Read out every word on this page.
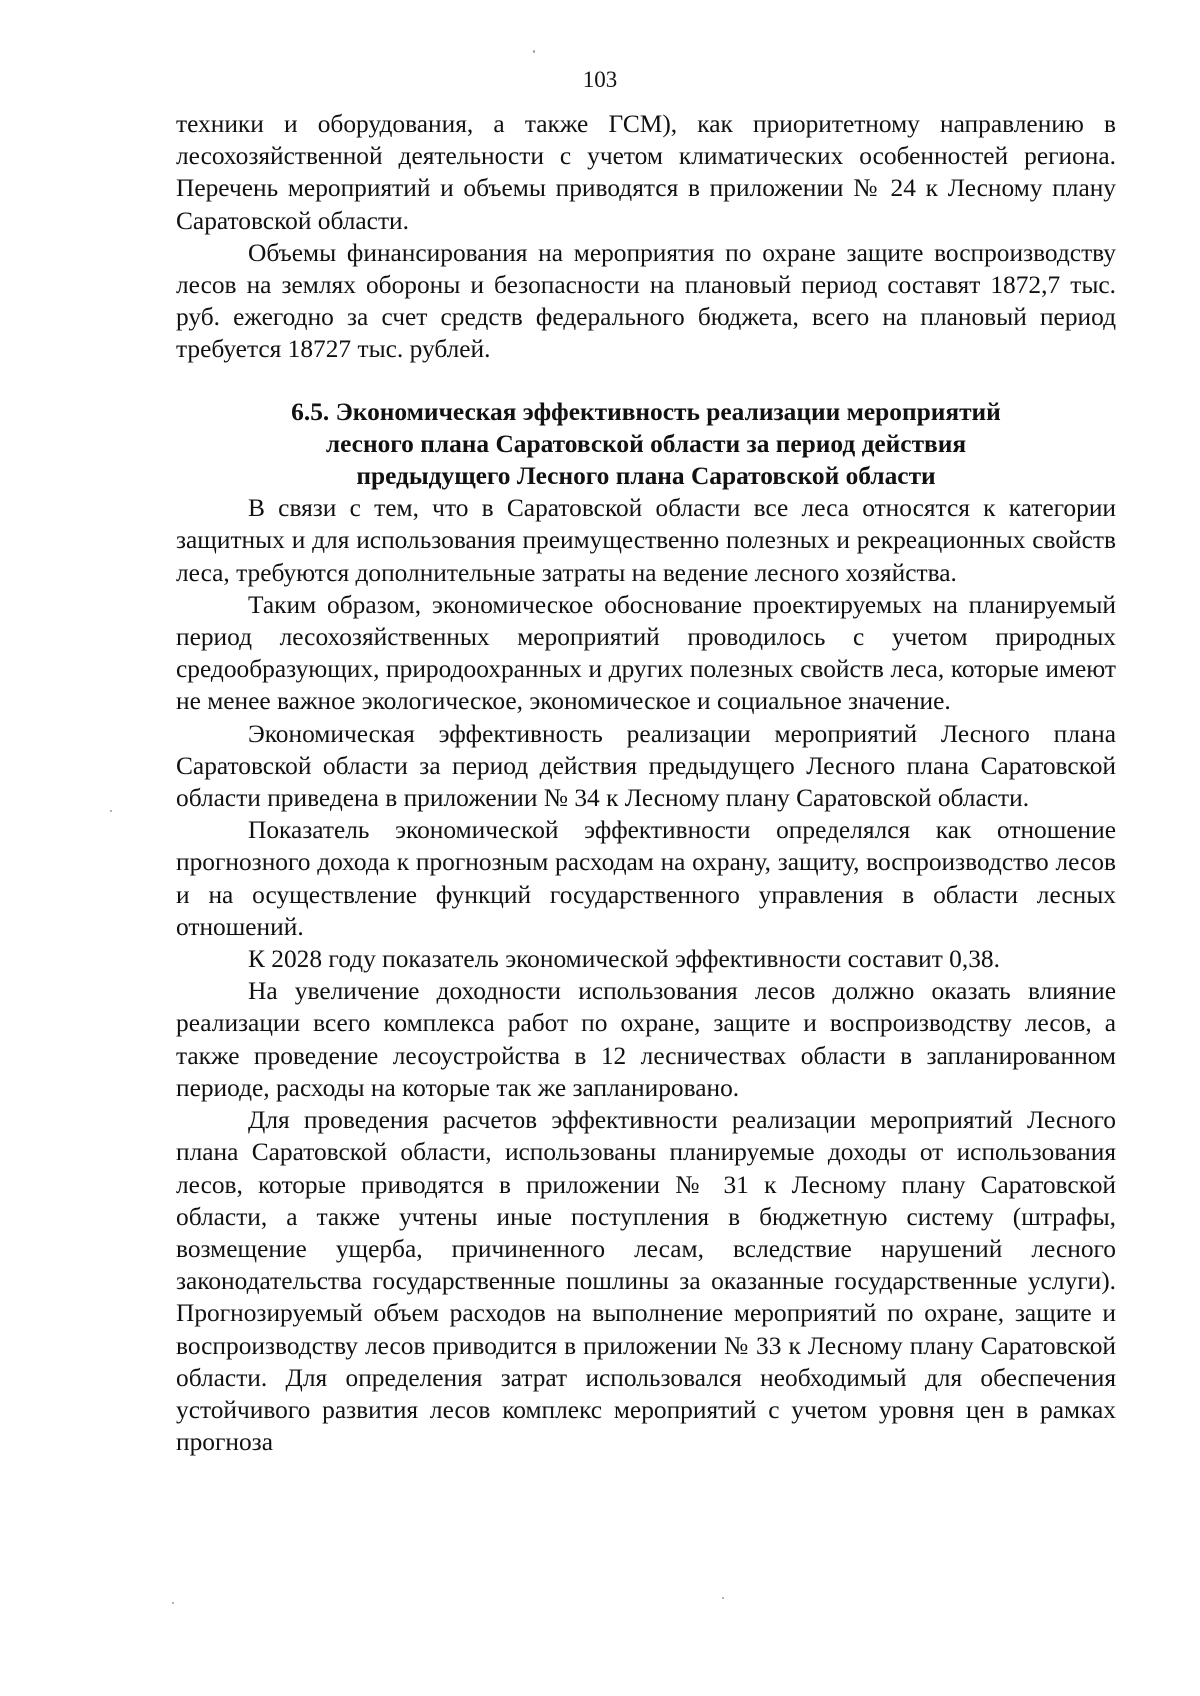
103

техники и оборудования, а также ГСМ), как приоритетному направлению в лесохозяйственной деятельности с учетом климатических особенностей региона. Перечень мероприятий и объемы приводятся в приложении № 24 к Лесному плану Саратовской области.

Объемы финансирования на мероприятия по охране защите воспроизводству лесов на землях обороны и безопасности на плановый период составят 1872,7 тыс. руб. ежегодно за счет средств федерального бюджета, всего на плановый период требуется 18727 тыс. рублей.

6.5. Экономическая эффективность реализации мероприятий лесного плана Саратовской области за период действия предыдущего Лесного плана Саратовской области

В связи с тем, что в Саратовской области все леса относятся к категории защитных и для использования преимущественно полезных и рекреационных свойств леса, требуются дополнительные затраты на ведение лесного хозяйства.

Таким образом, экономическое обоснование проектируемых на планируемый период лесохозяйственных мероприятий проводилось с учетом природных средообразующих, природоохранных и других полезных свойств леса, которые имеют не менее важное экологическое, экономическое и социальное значение.

Экономическая эффективность реализации мероприятий Лесного плана Саратовской области за период действия предыдущего Лесного плана Саратовской области приведена в приложении № 34 к Лесному плану Саратовской области.

Показатель экономической эффективности определялся как отношение прогнозного дохода к прогнозным расходам на охрану, защиту, воспроизводство лесов и на осуществление функций государственного управления в области лесных отношений.

К 2028 году показатель экономической эффективности составит 0,38.

На увеличение доходности использования лесов должно оказать влияние реализации всего комплекса работ по охране, защите и воспроизводству лесов, а также проведение лесоустройства в 12 лесничествах области в запланированном периоде, расходы на которые так же запланировано.

Для проведения расчетов эффективности реализации мероприятий Лесного плана Саратовской области, использованы планируемые доходы от использования лесов, которые приводятся в приложении № 31 к Лесному плану Саратовской области, а также учтены иные поступления в бюджетную систему (штрафы, возмещение ущерба, причиненного лесам, вследствие нарушений лесного законодательства государственные пошлины за оказанные государственные услуги). Прогнозируемый объем расходов на выполнение мероприятий по охране, защите и воспроизводству лесов приводится в приложении № 33 к Лесному плану Саратовской области. Для определения затрат использовался необходимый для обеспечения устойчивого развития лесов комплекс мероприятий с учетом уровня цен в рамках прогноза
